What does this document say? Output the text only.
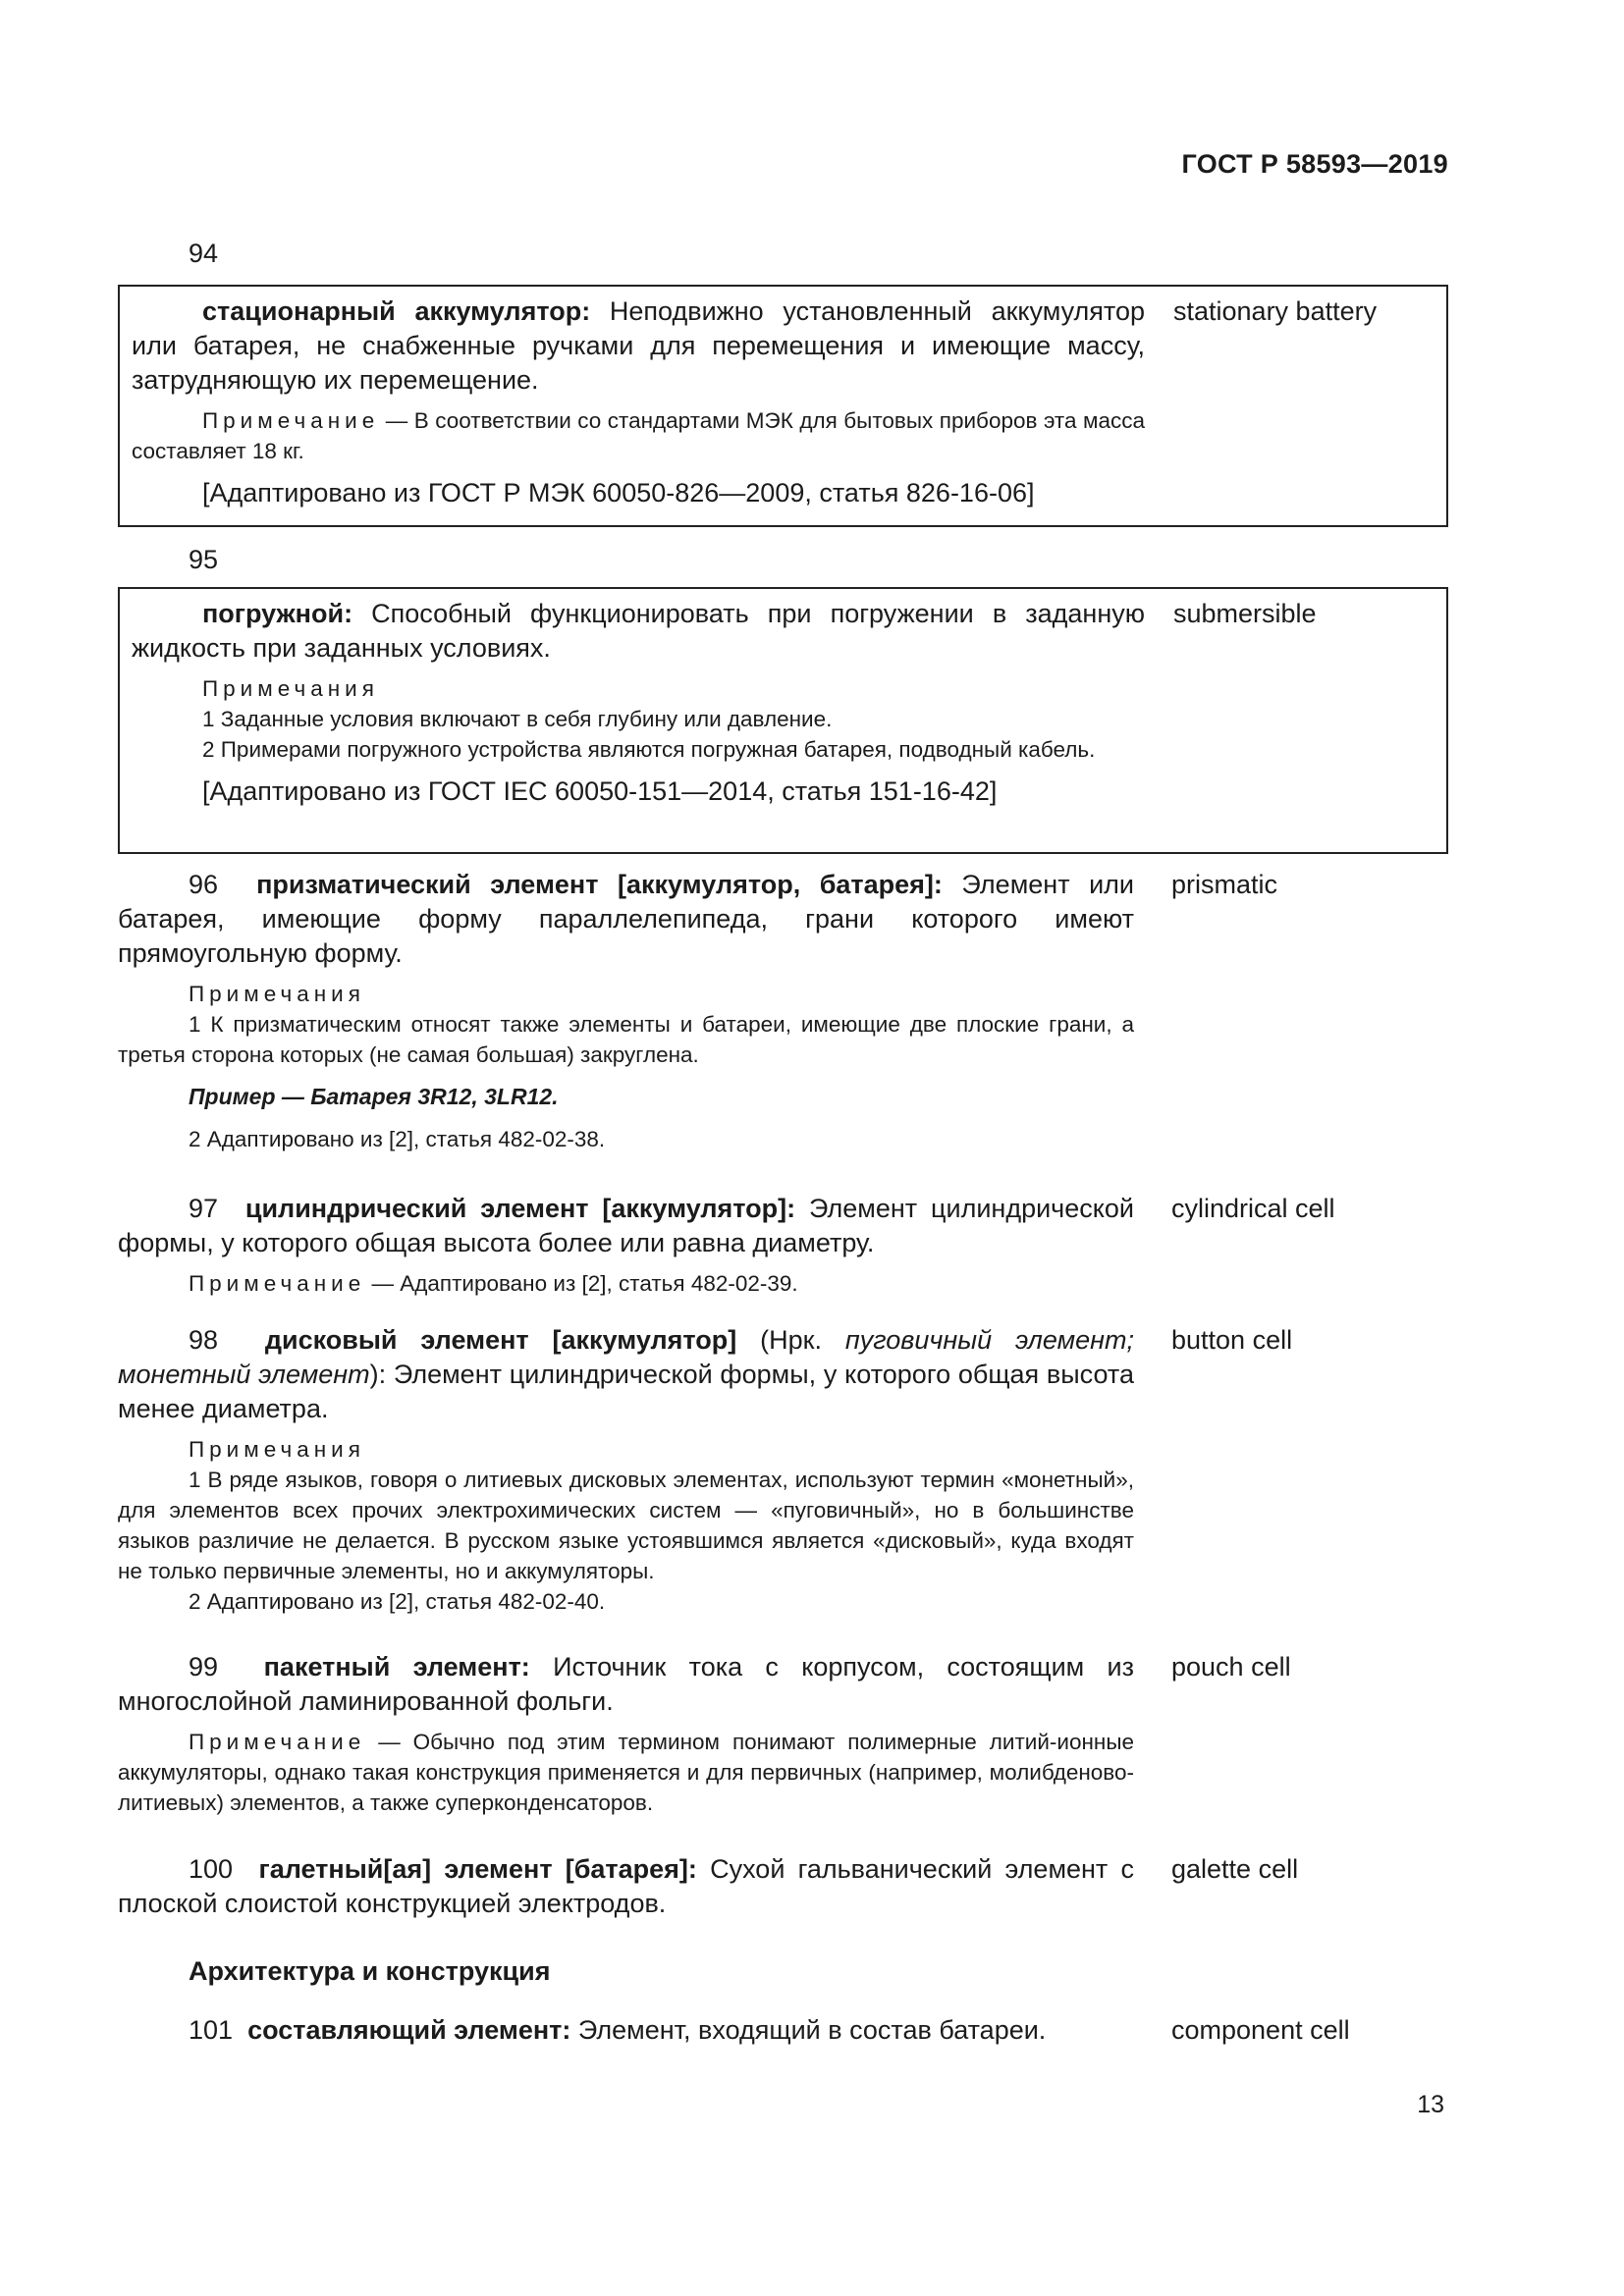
ГОСТ Р 58593—2019
94
стационарный аккумулятор: Неподвижно установленный аккумулятор или батарея, не снабженные ручками для перемещения и имеющие массу, затрудняющую их перемещение.
stationary battery
Примечание — В соответствии со стандартами МЭК для бытовых приборов эта масса составляет 18 кг.
[Адаптировано из ГОСТ Р МЭК 60050-826—2009, статья 826-16-06]
95
погружной: Способный функционировать при погружении в заданную жидкость при заданных условиях.
submersible
Примечания
1 Заданные условия включают в себя глубину или давление.
2 Примерами погружного устройства являются погружная батарея, подводный кабель.
[Адаптировано из ГОСТ IEC 60050-151—2014, статья 151-16-42]
96 призматический элемент [аккумулятор, батарея]: Элемент или батарея, имеющие форму параллелепипеда, грани которого имеют прямоугольную форму.
prismatic
Примечания
1 К призматическим относят также элементы и батареи, имеющие две плоские грани, а третья сторона которых (не самая большая) закруглена.
Пример — Батарея 3R12, 3LR12.
2 Адаптировано из [2], статья 482-02-38.
97 цилиндрический элемент [аккумулятор]: Элемент цилиндрической формы, у которого общая высота более или равна диаметру.
cylindrical cell
Примечание — Адаптировано из [2], статья 482-02-39.
98 дисковый элемент [аккумулятор] (Нрк. пуговичный элемент; монетный элемент): Элемент цилиндрической формы, у которого общая высота менее диаметра.
button cell
Примечания
1 В ряде языков, говоря о литиевых дисковых элементах, используют термин «монетный», для элементов всех прочих электрохимических систем — «пуговичный», но в большинстве языков различие не делается. В русском языке устоявшимся является «дисковый», куда входят не только первичные элементы, но и аккумуляторы.
2 Адаптировано из [2], статья 482-02-40.
99 пакетный элемент: Источник тока с корпусом, состоящим из многослойной ламинированной фольги.
pouch cell
Примечание — Обычно под этим термином понимают полимерные литий-ионные аккумуляторы, однако такая конструкция применяется и для первичных (например, молибденово-литиевых) элементов, а также суперконденсаторов.
100 галетный[ая] элемент [батарея]: Сухой гальванический элемент с плоской слоистой конструкцией электродов.
galette cell
Архитектура и конструкция
101 составляющий элемент: Элемент, входящий в состав батареи.	component cell
13
